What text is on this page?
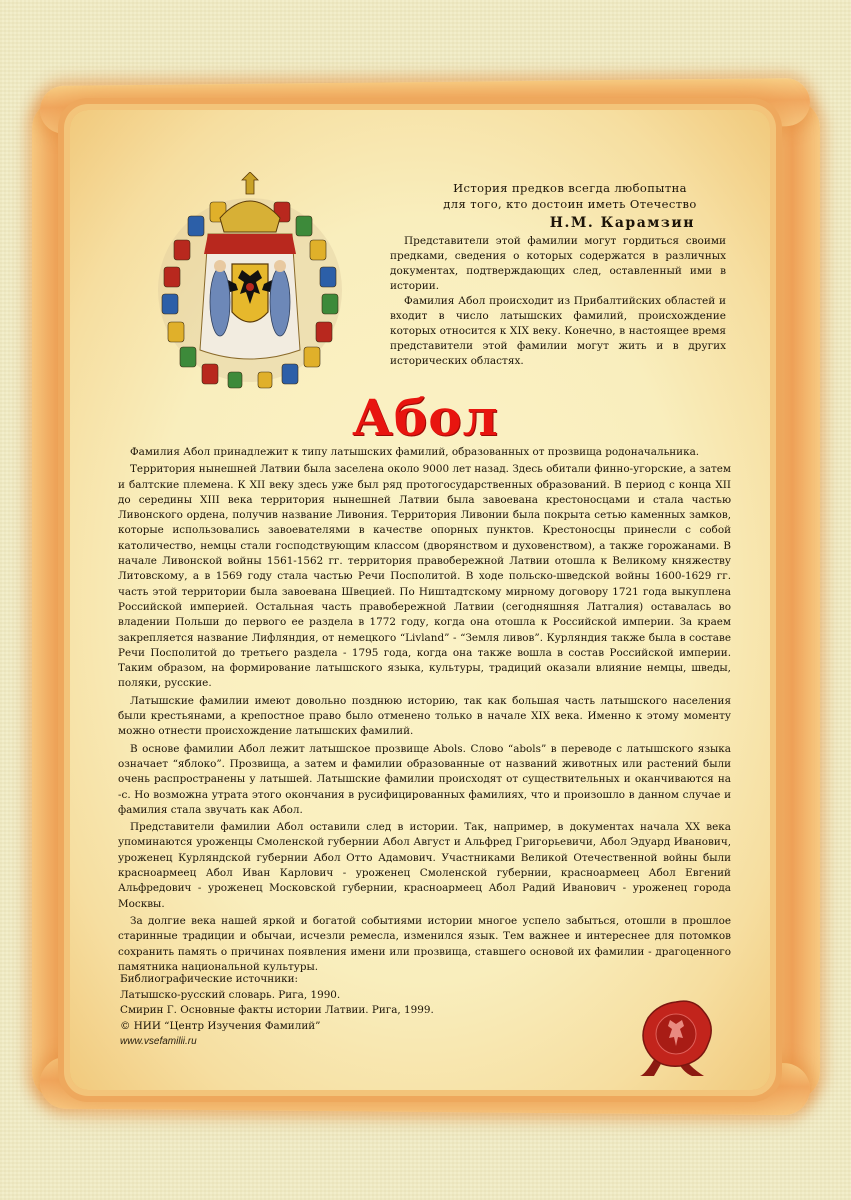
История предков всегда любопытна
для того, кто достоин иметь Отечество
Н.М. Карамзин

Представители этой фамилии могут гордиться своими предками, сведения о которых содержатся в различных документах, подтверждающих след, оставленный ими в истории.

Фамилия Абол происходит из Прибалтийских областей и входит в число латышских фамилий, происхождение которых относится к XIX веку. Конечно, в настоящее время представители этой фамилии могут жить и в других исторических областях.

Абол

Фамилия Абол принадлежит к типу латышских фамилий, образованных от прозвища родоначальника.

Территория нынешней Латвии была заселена около 9000 лет назад. Здесь обитали финно-угорские, а затем и балтские племена. К XII веку здесь уже был ряд протогосударственных образований. В период с конца XII до середины XIII века территория нынешней Латвии была завоевана крестоносцами и стала частью Ливонского ордена, получив название Ливония. Территория Ливонии была покрыта сетью каменных замков, которые использовались завоевателями в качестве опорных пунктов. Крестоносцы принесли с собой католичество, немцы стали господствующим классом (дворянством и духовенством), а также горожанами. В начале Ливонской войны 1561-1562 гг. территория правобережной Латвии отошла к Великому княжеству Литовскому, а в 1569 году стала частью Речи Посполитой. В ходе польско-шведской войны 1600-1629 гг. часть этой территории была завоевана Швецией. По Ништадтскому мирному договору 1721 года выкуплена Российской империей. Остальная часть правобережной Латвии (сегодняшняя Латгалия) оставалась во владении Польши до первого ее раздела в 1772 году, когда она отошла к Российской империи. За краем закрепляется название Лифляндия, от немецкого “Livland” - “Земля ливов”. Курляндия также была в составе Речи Посполитой до третьего раздела - 1795 года, когда она также вошла в состав Российской империи. Таким образом, на формирование латышского языка, культуры, традиций оказали влияние немцы, шведы, поляки, русские.

Латышские фамилии имеют довольно позднюю историю, так как большая часть латышского населения были крестьянами, а крепостное право было отменено только в начале XIX века. Именно к этому моменту можно отнести происхождение латышских фамилий.

В основе фамилии Абол лежит латышское прозвище Abols. Слово “abols” в переводе с латышского языка означает “яблоко”. Прозвища, а затем и фамилии образованные от названий животных или растений были очень распространены у латышей. Латышские фамилии происходят от существительных и оканчиваются на -с. Но возможна утрата этого окончания в русифицированных фамилиях, что и произошло в данном случае и фамилия стала звучать как Абол.

Представители фамилии Абол оставили след в истории. Так, например, в документах начала XX века упоминаются уроженцы Смоленской губернии Абол Август и Альфред Григорьевичи, Абол Эдуард Иванович, уроженец Курляндской губернии Абол Отто Адамович. Участниками Великой Отечественной войны были красноармеец Абол Иван Карлович - уроженец Смоленской губернии, красноармеец Абол Евгений Альфредович - уроженец Московской губернии, красноармеец Абол Радий Иванович - уроженец города Москвы.

За долгие века нашей яркой и богатой событиями истории многое успело забыться, отошли в прошлое старинные традиции и обычаи, исчезли ремесла, изменился язык. Тем важнее и интереснее для потомков сохранить память о причинах появления имени или прозвища, ставшего основой их фамилии - драгоценного памятника национальной культуры.

Библиографические источники:
Латышско-русский словарь. Рига, 1990.
Смирин Г. Основные факты истории Латвии. Рига, 1999.
© НИИ “Центр Изучения Фамилий”
www.vsefamilii.ru
